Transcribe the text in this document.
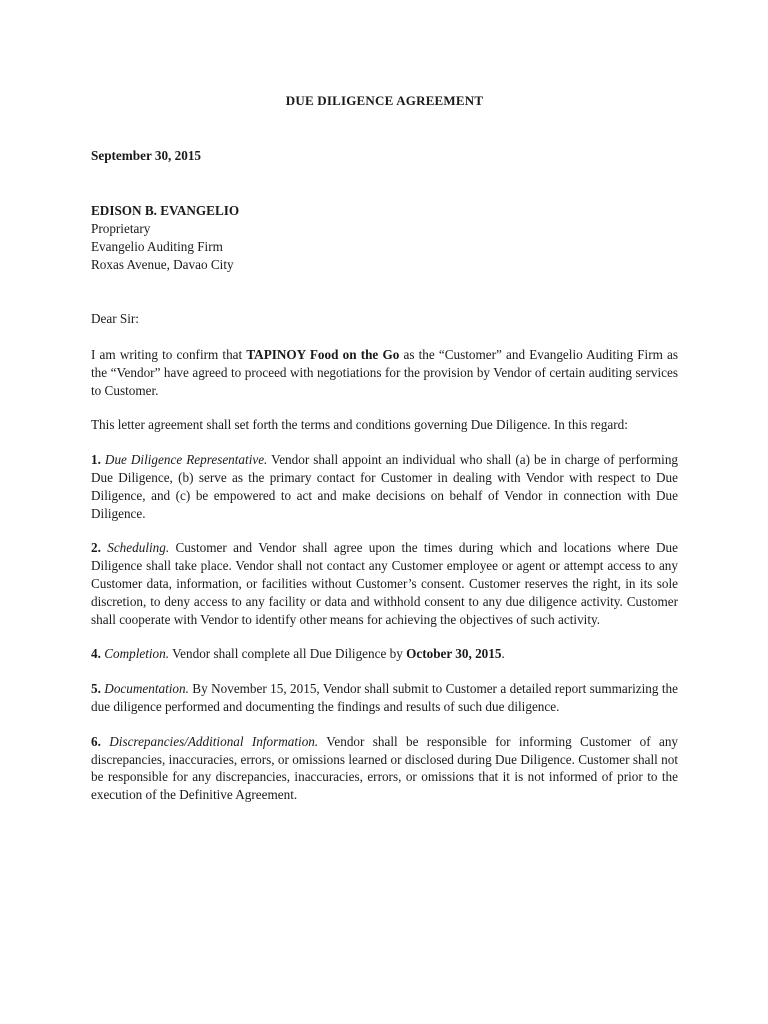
DUE DILIGENCE AGREEMENT
September 30, 2015
EDISON B. EVANGELIO
Proprietary
Evangelio Auditing Firm
Roxas Avenue, Davao City
Dear Sir:

I am writing to confirm that TAPINOY Food on the Go as the “Customer” and Evangelio Auditing Firm as the “Vendor” have agreed to proceed with negotiations for the provision by Vendor of certain auditing services to Customer.

This letter agreement shall set forth the terms and conditions governing Due Diligence. In this regard:

1. Due Diligence Representative. Vendor shall appoint an individual who shall (a) be in charge of performing Due Diligence, (b) serve as the primary contact for Customer in dealing with Vendor with respect to Due Diligence, and (c) be empowered to act and make decisions on behalf of Vendor in connection with Due Diligence.

2. Scheduling. Customer and Vendor shall agree upon the times during which and locations where Due Diligence shall take place. Vendor shall not contact any Customer employee or agent or attempt access to any Customer data, information, or facilities without Customer’s consent. Customer reserves the right, in its sole discretion, to deny access to any facility or data and withhold consent to any due diligence activity. Customer shall cooperate with Vendor to identify other means for achieving the objectives of such activity.

4. Completion. Vendor shall complete all Due Diligence by October 30, 2015.

5. Documentation. By November 15, 2015, Vendor shall submit to Customer a detailed report summarizing the due diligence performed and documenting the findings and results of such due diligence.

6. Discrepancies/Additional Information. Vendor shall be responsible for informing Customer of any discrepancies, inaccuracies, errors, or omissions learned or disclosed during Due Diligence. Customer shall not be responsible for any discrepancies, inaccuracies, errors, or omissions that it is not informed of prior to the execution of the Definitive Agreement.
